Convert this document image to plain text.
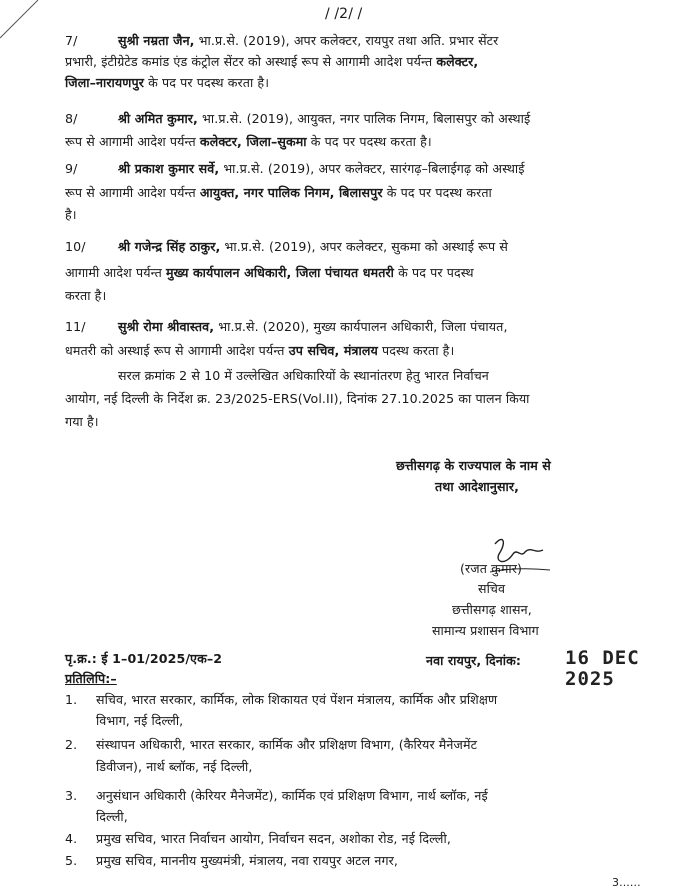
/ /2/ /
7/	सुश्री नम्रता जैन, भा.प्र.से. (2019), अपर कलेक्टर, रायपुर तथा अति. प्रभार सेंटर
प्रभारी, इंटीग्रेटेड कमांड एंड कंट्रोल सेंटर को अस्थाई रूप से आगामी आदेश पर्यन्त कलेक्टर,
जिला–नारायणपुर के पद पर पदस्थ करता है।
8/	श्री अमित कुमार, भा.प्र.से. (2019), आयुक्त, नगर पालिक निगम, बिलासपुर को अस्थाई
रूप से आगामी आदेश पर्यन्त कलेक्टर, जिला–सुकमा के पद पर पदस्थ करता है।
9/	श्री प्रकाश कुमार सर्वे, भा.प्र.से. (2019), अपर कलेक्टर, सारंगढ़–बिलाईगढ़ को अस्थाई
रूप से आगामी आदेश पर्यन्त आयुक्त, नगर पालिक निगम, बिलासपुर के पद पर पदस्थ करता
है।
10/	श्री गजेन्द्र सिंह ठाकुर, भा.प्र.से. (2019), अपर कलेक्टर, सुकमा को अस्थाई रूप से
आगामी आदेश पर्यन्त मुख्य कार्यपालन अधिकारी, जिला पंचायत धमतरी के पद पर पदस्थ
करता है।
11/	सुश्री रोमा श्रीवास्तव, भा.प्र.से. (2020), मुख्य कार्यपालन अधिकारी, जिला पंचायत,
धमतरी को अस्थाई रूप से आगामी आदेश पर्यन्त उप सचिव, मंत्रालय पदस्थ करता है।
सरल क्रमांक 2 से 10 में उल्लेखित अधिकारियों के स्थानांतरण हेतु भारत निर्वाचन
आयोग, नई दिल्ली के निर्देश क्र. 23/2025-ERS(Vol.II), दिनांक 27.10.2025 का पालन किया
गया है।
छत्तीसगढ़ के राज्यपाल के नाम से
तथा आदेशानुसार,
(रजत कुमार)
सचिव
छत्तीसगढ़ शासन,
सामान्य प्रशासन विभाग
पृ.क्र.: ई 1–01/2025/एक–2	नवा रायपुर, दिनांक: 16 DEC 2025
प्रतिलिपि:–
1. सचिव, भारत सरकार, कार्मिक, लोक शिकायत एवं पेंशन मंत्रालय, कार्मिक और प्रशिक्षण
विभाग, नई दिल्ली,
2. संस्थापन अधिकारी, भारत सरकार, कार्मिक और प्रशिक्षण विभाग, (कैरियर मैनेजमेंट
डिवीजन), नार्थ ब्लॉक, नई दिल्ली,
3. अनुसंधान अधिकारी (केरियर मैनेजमेंट), कार्मिक एवं प्रशिक्षण विभाग, नार्थ ब्लॉक, नई
दिल्ली,
4. प्रमुख सचिव, भारत निर्वाचन आयोग, निर्वाचन सदन, अशोका रोड, नई दिल्ली,
5. प्रमुख सचिव, माननीय मुख्यमंत्री, मंत्रालय, नवा रायपुर अटल नगर,
3......
